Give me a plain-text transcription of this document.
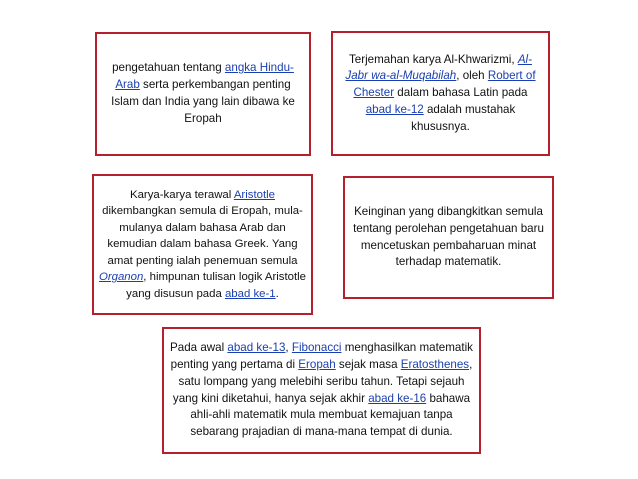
pengetahuan tentang angka Hindu-Arab serta perkembangan penting Islam dan India yang lain dibawa ke Eropah
Terjemahan karya Al-Khwarizmi, Al-Jabr wa-al-Muqabilah, oleh Robert of Chester dalam bahasa Latin pada abad ke-12 adalah mustahak khususnya.
Karya-karya terawal Aristotle dikembangkan semula di Eropah, mula-mulanya dalam bahasa Arab dan kemudian dalam bahasa Greek. Yang amat penting ialah penemuan semula Organon, himpunan tulisan logik Aristotle yang disusun pada abad ke-1.
Keinginan yang dibangkitkan semula tentang perolehan pengetahuan baru mencetuskan pembaharuan minat terhadap matematik.
Pada awal abad ke-13, Fibonacci menghasilkan matematik penting yang pertama di Eropah sejak masa Eratosthenes, satu lompang yang melebihi seribu tahun. Tetapi sejauh yang kini diketahui, hanya sejak akhir abad ke-16 bahawa ahli-ahli matematik mula membuat kemajuan tanpa sebarang prajadian di mana-mana tempat di dunia.
